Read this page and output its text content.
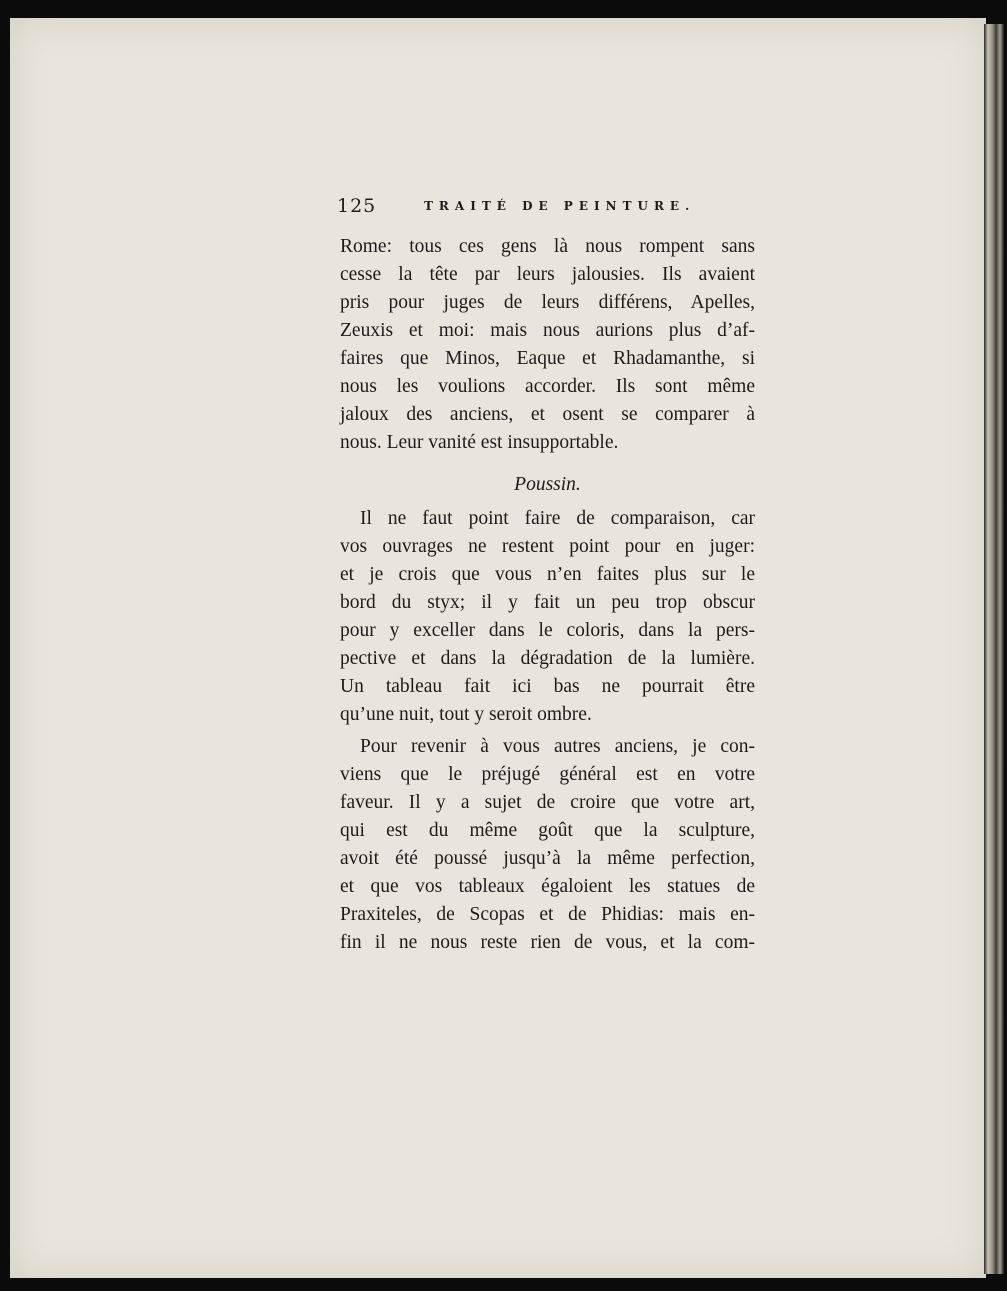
125	TRAITÉ DE PEINTURE.
Rome: tous ces gens là nous rompent sans
cesse la tête par leurs jalousies. Ils avaient
pris pour juges de leurs différens, Apelles,
Zeuxis et moi: mais nous aurions plus d’af-
faires que Minos, Eaque et Rhadamanthe, si
nous les voulions accorder. Ils sont même
jaloux des anciens, et osent se comparer à
nous. Leur vanité est insupportable.
Poussin.
Il ne faut point faire de comparaison, car
vos ouvrages ne restent point pour en juger:
et je crois que vous n’en faites plus sur le
bord du styx; il y fait un peu trop obscur
pour y exceller dans le coloris, dans la pers-
pective et dans la dégradation de la lumière.
Un tableau fait ici bas ne pourrait être
qu’une nuit, tout y seroit ombre.
Pour revenir à vous autres anciens, je con-
viens que le préjugé général est en votre
faveur. Il y a sujet de croire que votre art,
qui est du même goût que la sculpture,
avoit été poussé jusqu’à la même perfection,
et que vos tableaux égaloient les statues de
Praxiteles, de Scopas et de Phidias: mais en-
fin il ne nous reste rien de vous, et la com-
